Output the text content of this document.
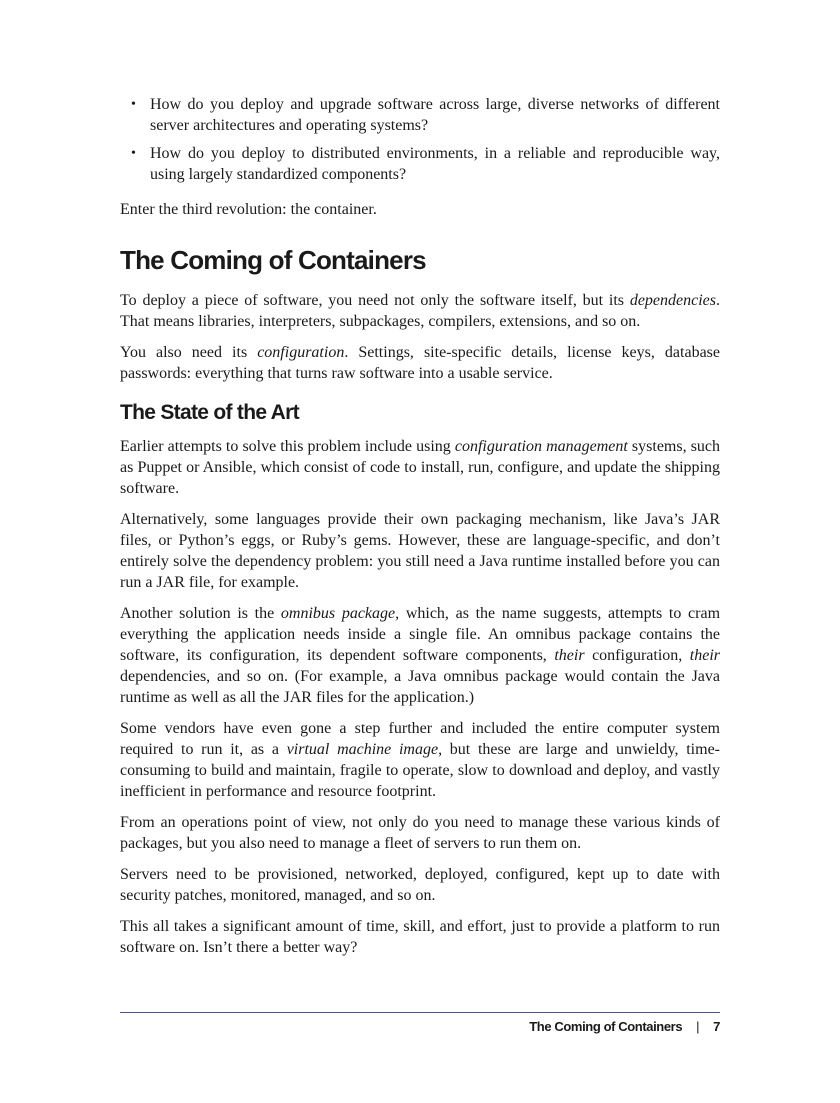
• How do you deploy and upgrade software across large, diverse networks of different server architectures and operating systems?
• How do you deploy to distributed environments, in a reliable and reproducible way, using largely standardized components?

Enter the third revolution: the container.

The Coming of Containers

To deploy a piece of software, you need not only the software itself, but its dependencies. That means libraries, interpreters, subpackages, compilers, extensions, and so on.

You also need its configuration. Settings, site-specific details, license keys, database passwords: everything that turns raw software into a usable service.

The State of the Art

Earlier attempts to solve this problem include using configuration management systems, such as Puppet or Ansible, which consist of code to install, run, configure, and update the shipping software.

Alternatively, some languages provide their own packaging mechanism, like Java’s JAR files, or Python’s eggs, or Ruby’s gems. However, these are language-specific, and don’t entirely solve the dependency problem: you still need a Java runtime installed before you can run a JAR file, for example.

Another solution is the omnibus package, which, as the name suggests, attempts to cram everything the application needs inside a single file. An omnibus package contains the software, its configuration, its dependent software components, their configuration, their dependencies, and so on. (For example, a Java omnibus package would contain the Java runtime as well as all the JAR files for the application.)

Some vendors have even gone a step further and included the entire computer system required to run it, as a virtual machine image, but these are large and unwieldy, time-consuming to build and maintain, fragile to operate, slow to download and deploy, and vastly inefficient in performance and resource footprint.

From an operations point of view, not only do you need to manage these various kinds of packages, but you also need to manage a fleet of servers to run them on.

Servers need to be provisioned, networked, deployed, configured, kept up to date with security patches, monitored, managed, and so on.

This all takes a significant amount of time, skill, and effort, just to provide a platform to run software on. Isn’t there a better way?

The Coming of Containers | 7
